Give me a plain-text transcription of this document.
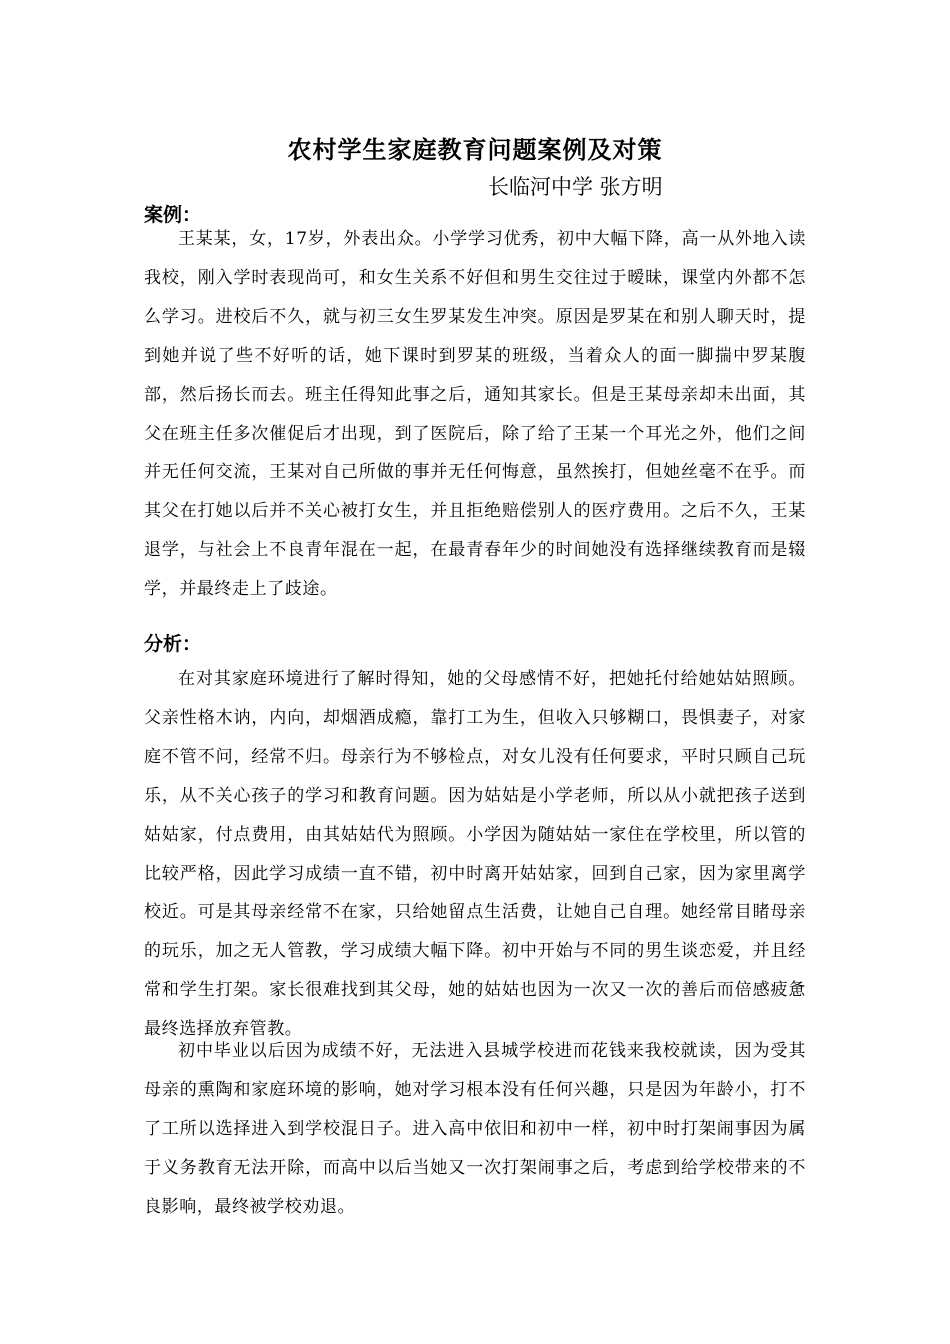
农村学生家庭教育问题案例及对策
长临河中学 张方明
案例：
王某某，女，17岁，外表出众。小学学习优秀，初中大幅下降，高一从外地入读我校，刚入学时表现尚可，和女生关系不好但和男生交往过于暧昧，课堂内外都不怎么学习。进校后不久，就与初三女生罗某发生冲突。原因是罗某在和别人聊天时，提到她并说了些不好听的话，她下课时到罗某的班级，当着众人的面一脚揣中罗某腹部，然后扬长而去。班主任得知此事之后，通知其家长。但是王某母亲却未出面，其父在班主任多次催促后才出现，到了医院后，除了给了王某一个耳光之外，他们之间并无任何交流，王某对自己所做的事并无任何悔意，虽然挨打，但她丝毫不在乎。而其父在打她以后并不关心被打女生，并且拒绝赔偿别人的医疗费用。之后不久，王某退学，与社会上不良青年混在一起，在最青春年少的时间她没有选择继续教育而是辍学，并最终走上了歧途。
分析：
在对其家庭环境进行了解时得知，她的父母感情不好，把她托付给她姑姑照顾。父亲性格木讷，内向，却烟酒成瘾，靠打工为生，但收入只够糊口，畏惧妻子，对家庭不管不问，经常不归。母亲行为不够检点，对女儿没有任何要求，平时只顾自己玩乐，从不关心孩子的学习和教育问题。因为姑姑是小学老师，所以从小就把孩子送到姑姑家，付点费用，由其姑姑代为照顾。小学因为随姑姑一家住在学校里，所以管的比较严格，因此学习成绩一直不错，初中时离开姑姑家，回到自己家，因为家里离学校近。可是其母亲经常不在家，只给她留点生活费，让她自己自理。她经常目睹母亲的玩乐，加之无人管教，学习成绩大幅下降。初中开始与不同的男生谈恋爱，并且经常和学生打架。家长很难找到其父母，她的姑姑也因为一次又一次的善后而倍感疲惫最终选择放弃管教。
初中毕业以后因为成绩不好，无法进入县城学校进而花钱来我校就读，因为受其母亲的熏陶和家庭环境的影响，她对学习根本没有任何兴趣，只是因为年龄小，打不了工所以选择进入到学校混日子。进入高中依旧和初中一样，初中时打架闹事因为属于义务教育无法开除，而高中以后当她又一次打架闹事之后，考虑到给学校带来的不良影响，最终被学校劝退。
